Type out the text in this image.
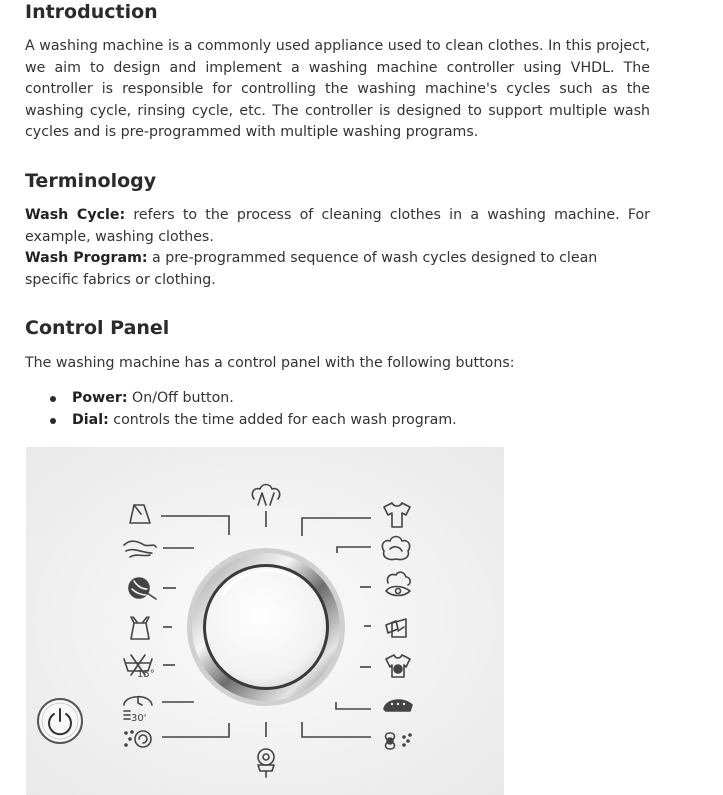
Introduction

A washing machine is a commonly used appliance used to clean clothes. In this project, we aim to design and implement a washing machine controller using VHDL. The controller is responsible for controlling the washing machine's cycles such as the washing cycle, rinsing cycle, etc. The controller is designed to support multiple wash cycles and is pre-programmed with multiple washing programs.

Terminology

Wash Cycle: refers to the process of cleaning clothes in a washing machine. For example, washing clothes.

Wash Program: a pre-programmed sequence of wash cycles designed to clean specific fabrics or clothing.

Control Panel

The washing machine has a control panel with the following buttons:

Power: On/Off button.
Dial: controls the time added for each wash program.
15°
30'
